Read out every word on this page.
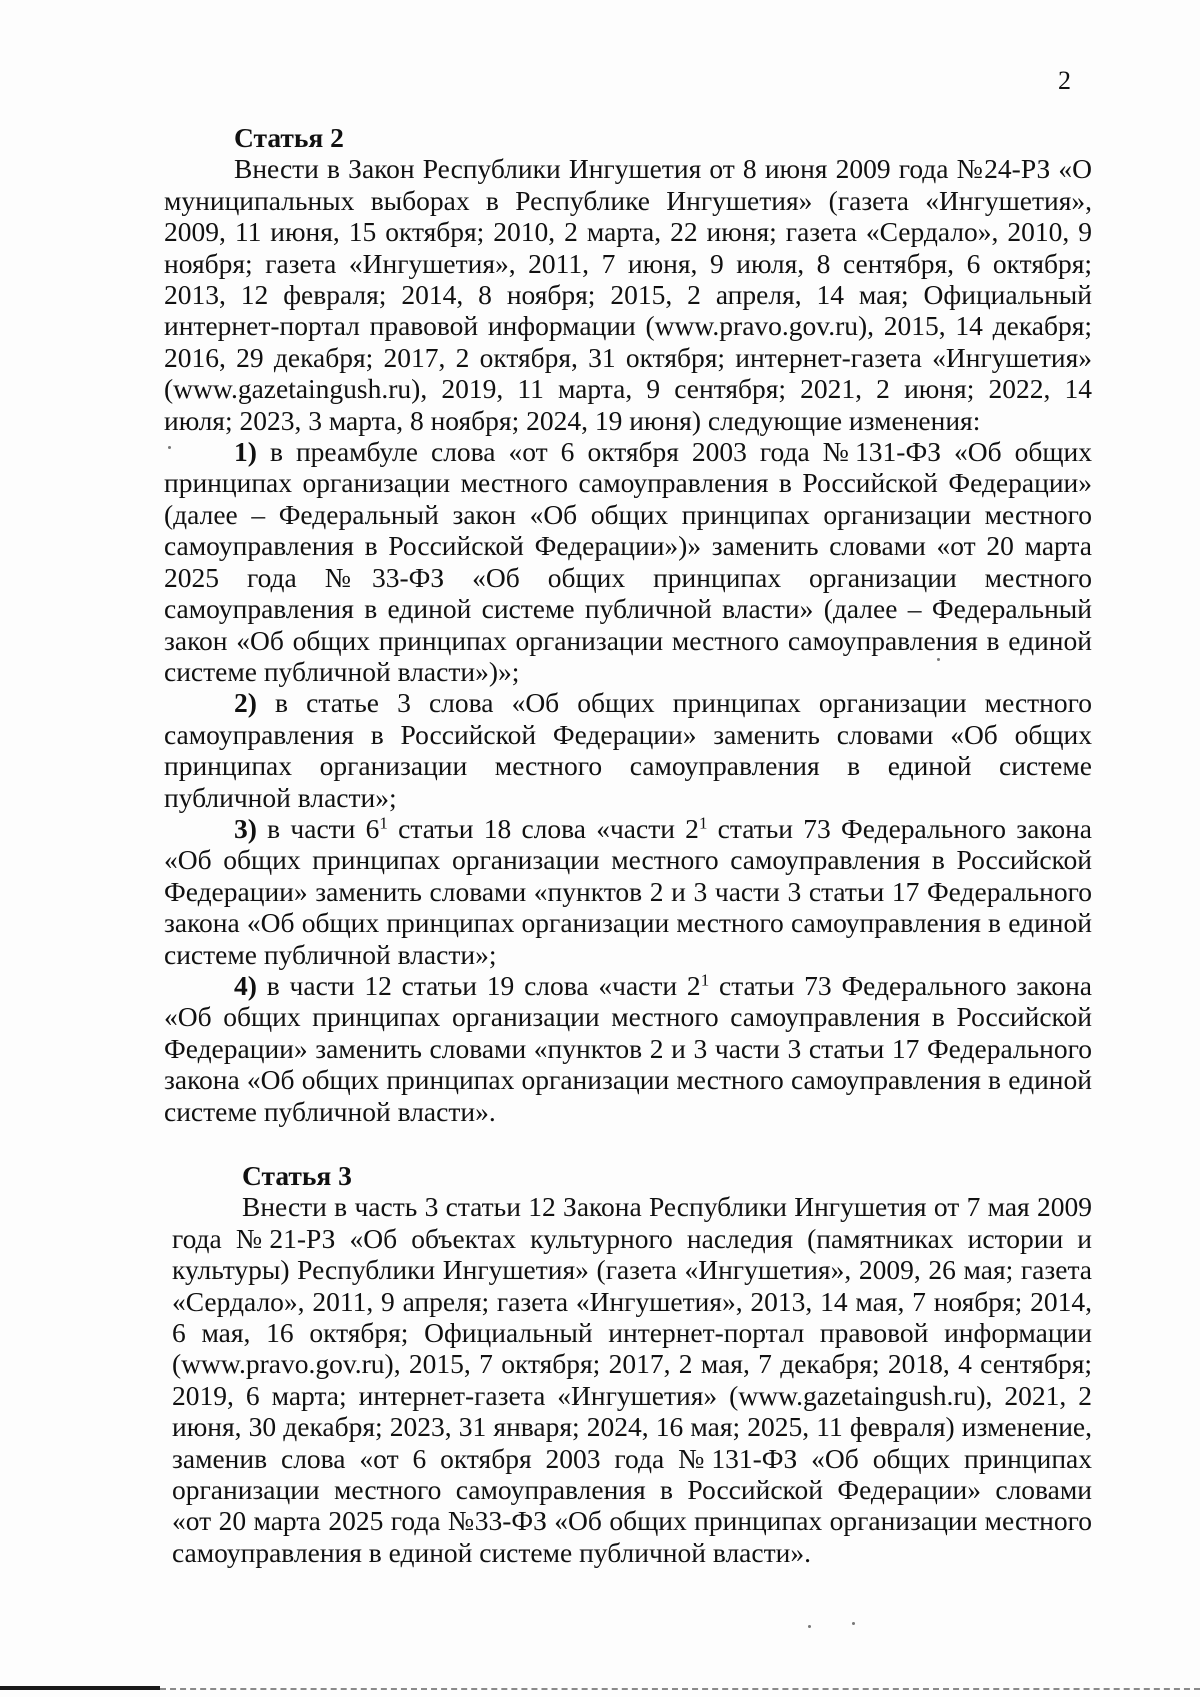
2
Статья 2

Внести в Закон Республики Ингушетия от 8 июня 2009 года №24-РЗ «О муниципальных выборах в Республике Ингушетия» (газета «Ингушетия», 2009, 11 июня, 15 октября; 2010, 2 марта, 22 июня; газета «Сердало», 2010, 9 ноября; газета «Ингушетия», 2011, 7 июня, 9 июля, 8 сентября, 6 октября; 2013, 12 февраля; 2014, 8 ноября; 2015, 2 апреля, 14 мая; Официальный интернет-портал правовой информации (www.pravo.gov.ru), 2015, 14 декабря; 2016, 29 декабря; 2017, 2 октября, 31 октября; интернет-газета «Ингушетия» (www.gazetaingush.ru), 2019, 11 марта, 9 сентября; 2021, 2 июня; 2022, 14 июля; 2023, 3 марта, 8 ноября; 2024, 19 июня) следующие изменения:

1) в преамбуле слова «от 6 октября 2003 года №131-ФЗ «Об общих принципах организации местного самоуправления в Российской Федерации» (далее – Федеральный закон «Об общих принципах организации местного самоуправления в Российской Федерации»)» заменить словами «от 20 марта 2025 года №33-ФЗ «Об общих принципах организации местного самоуправления в единой системе публичной власти» (далее – Федеральный закон «Об общих принципах организации местного самоуправления в единой системе публичной власти»)»;

2) в статье 3 слова «Об общих принципах организации местного самоуправления в Российской Федерации» заменить словами «Об общих принципах организации местного самоуправления в единой системе публичной власти»;

3) в части $6^1$ статьи 18 слова «части $2^1$ статьи 73 Федерального закона «Об общих принципах организации местного самоуправления в Российской Федерации» заменить словами «пунктов 2 и 3 части 3 статьи 17 Федерального закона «Об общих принципах организации местного самоуправления в единой системе публичной власти»;

4) в части 12 статьи 19 слова «части $2^1$ статьи 73 Федерального закона «Об общих принципах организации местного самоуправления в Российской Федерации» заменить словами «пунктов 2 и 3 части 3 статьи 17 Федерального закона «Об общих принципах организации местного самоуправления в единой системе публичной власти».

Статья 3

Внести в часть 3 статьи 12 Закона Республики Ингушетия от 7 мая 2009 года №21-РЗ «Об объектах культурного наследия (памятниках истории и культуры) Республики Ингушетия» (газета «Ингушетия», 2009, 26 мая; газета «Сердало», 2011, 9 апреля; газета «Ингушетия», 2013, 14 мая, 7 ноября; 2014, 6 мая, 16 октября; Официальный интернет-портал правовой информации (www.pravo.gov.ru), 2015, 7 октября; 2017, 2 мая, 7 декабря; 2018, 4 сентября; 2019, 6 марта; интернет-газета «Ингушетия» (www.gazetaingush.ru), 2021, 2 июня, 30 декабря; 2023, 31 января; 2024, 16 мая; 2025, 11 февраля) изменение, заменив слова «от 6 октября 2003 года №131-ФЗ «Об общих принципах организации местного самоуправления в Российской Федерации» словами «от 20 марта 2025 года №33-ФЗ «Об общих принципах организации местного самоуправления в единой системе публичной власти».
